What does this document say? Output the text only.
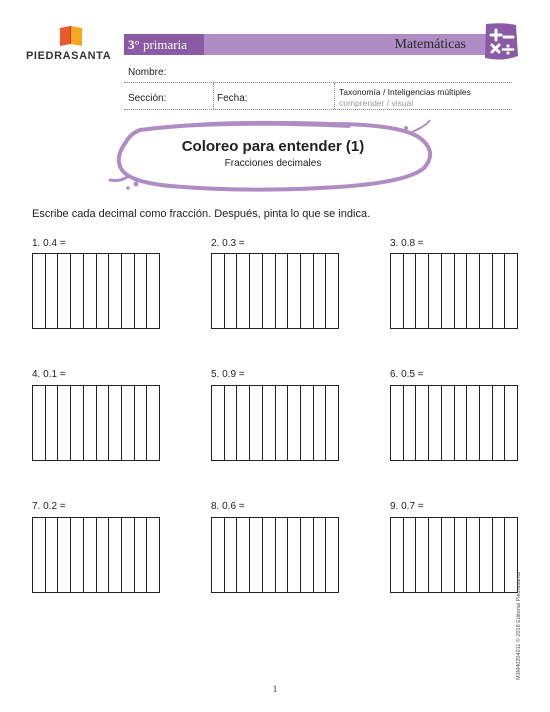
PIEDRASANTA
3° primaria	Matemáticas
Nombre:
Sección:	Fecha:
Taxonomía / Inteligencias múltiples
comprender / visual
Coloreo para entender (1)
Fracciones decimales
Escribe cada decimal como fracción. Después, pinta lo que se indica.
1. 0.4 =	2. 0.3 =	3. 0.8 =
4. 0.1 =	5. 0.9 =	6. 0.5 =
7. 0.2 =	8. 0.6 =	9. 0.7 =
1
M3M40204011 © 2018 Editorial Piedrasanta
